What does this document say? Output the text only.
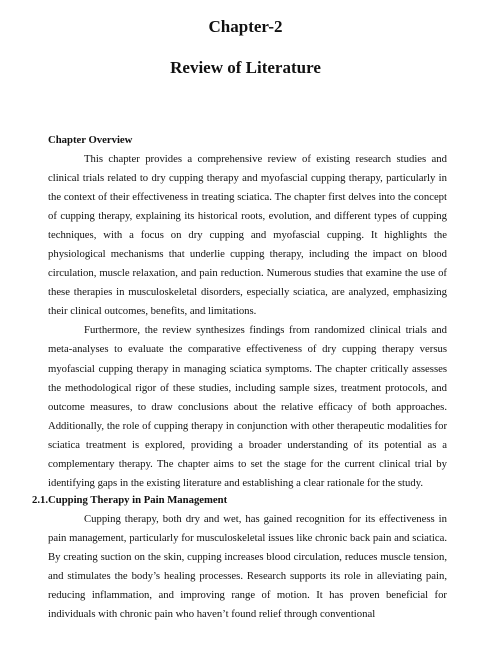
Chapter-2
Review of Literature
Chapter Overview

This chapter provides a comprehensive review of existing research studies and clinical trials related to dry cupping therapy and myofascial cupping therapy, particularly in the context of their effectiveness in treating sciatica. The chapter first delves into the concept of cupping therapy, explaining its historical roots, evolution, and different types of cupping techniques, with a focus on dry cupping and myofascial cupping. It highlights the physiological mechanisms that underlie cupping therapy, including the impact on blood circulation, muscle relaxation, and pain reduction. Numerous studies that examine the use of these therapies in musculoskeletal disorders, especially sciatica, are analyzed, emphasizing their clinical outcomes, benefits, and limitations.

Furthermore, the review synthesizes findings from randomized clinical trials and meta-analyses to evaluate the comparative effectiveness of dry cupping therapy versus myofascial cupping therapy in managing sciatica symptoms. The chapter critically assesses the methodological rigor of these studies, including sample sizes, treatment protocols, and outcome measures, to draw conclusions about the relative efficacy of both approaches. Additionally, the role of cupping therapy in conjunction with other therapeutic modalities for sciatica treatment is explored, providing a broader understanding of its potential as a complementary therapy. The chapter aims to set the stage for the current clinical trial by identifying gaps in the existing literature and establishing a clear rationale for the study.

2.1.Cupping Therapy in Pain Management

Cupping therapy, both dry and wet, has gained recognition for its effectiveness in pain management, particularly for musculoskeletal issues like chronic back pain and sciatica. By creating suction on the skin, cupping increases blood circulation, reduces muscle tension, and stimulates the body’s healing processes. Research supports its role in alleviating pain, reducing inflammation, and improving range of motion. It has proven beneficial for individuals with chronic pain who haven’t found relief through conventional
